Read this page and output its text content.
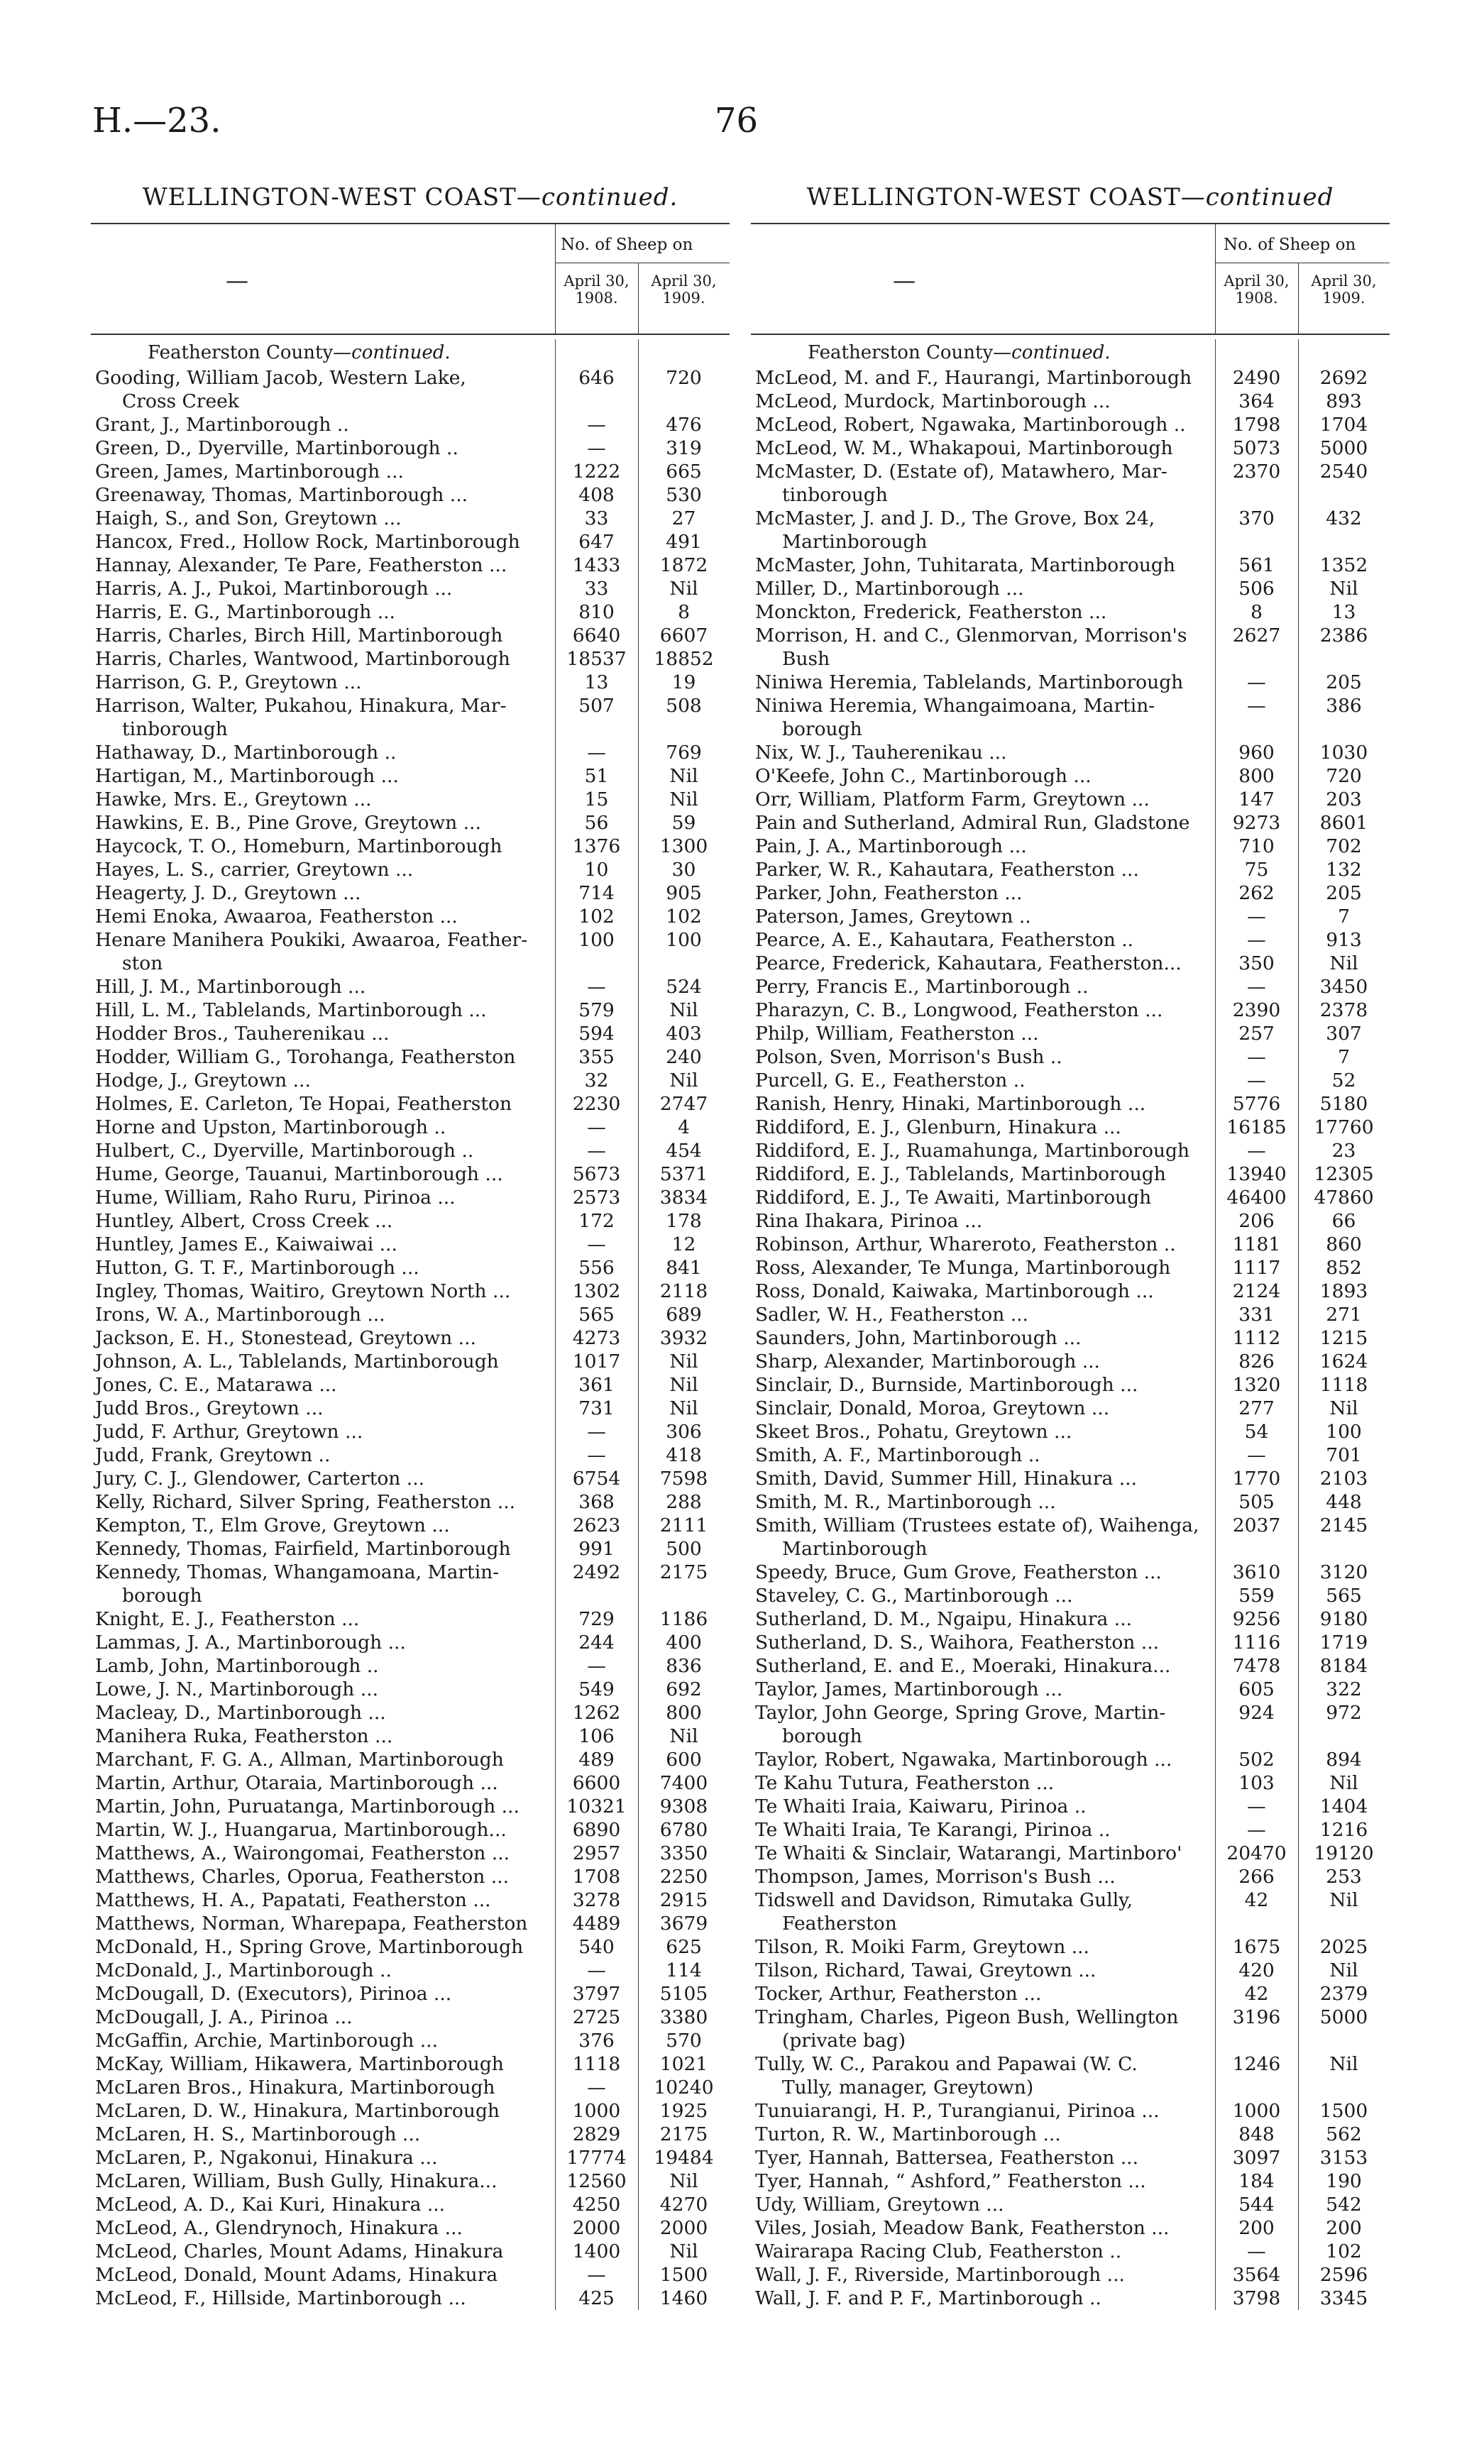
H.—23.	76
WELLINGTON-WEST COAST—continued.
—
No. of Sheep on
April 30,
1908.
April 30,
1909.
Featherston County—continued.
Gooding, William Jacob, Western Lake,
Cross Creek
646	720
Grant, J., Martinborough ..	—	476
Green, D., Dyerville, Martinborough ..	—	319
Green, James, Martinborough ...	1222	665
Greenaway, Thomas, Martinborough ...	408	530
Haigh, S., and Son, Greytown ...	33	27
Hancox, Fred., Hollow Rock, Martinborough	647	491
Hannay, Alexander, Te Pare, Featherston ...	1433	1872
Harris, A. J., Pukoi, Martinborough ...	33	Nil
Harris, E. G., Martinborough ...	810	8
Harris, Charles, Birch Hill, Martinborough	6640	6607
Harris, Charles, Wantwood, Martinborough	18537	18852
Harrison, G. P., Greytown ...	13	19
Harrison, Walter, Pukahou, Hinakura, Mar-
tinborough
507	508
Hathaway, D., Martinborough ..	—	769
Hartigan, M., Martinborough ...	51	Nil
Hawke, Mrs. E., Greytown ...	15	Nil
Hawkins, E. B., Pine Grove, Greytown ...	56	59
Haycock, T. O., Homeburn, Martinborough	1376	1300
Hayes, L. S., carrier, Greytown ...	10	30
Heagerty, J. D., Greytown ...	714	905
Hemi Enoka, Awaaroa, Featherston ...	102	102
Henare Manihera Poukiki, Awaaroa, Feather-
ston
100	100
Hill, J. M., Martinborough ...	—	524
Hill, L. M., Tablelands, Martinborough ...	579	Nil
Hodder Bros., Tauherenikau ...	594	403
Hodder, William G., Torohanga, Featherston	355	240
Hodge, J., Greytown ...	32	Nil
Holmes, E. Carleton, Te Hopai, Featherston	2230	2747
Horne and Upston, Martinborough ..	—	4
Hulbert, C., Dyerville, Martinborough ..	—	454
Hume, George, Tauanui, Martinborough ...	5673	5371
Hume, William, Raho Ruru, Pirinoa ...	2573	3834
Huntley, Albert, Cross Creek ...	172	178
Huntley, James E., Kaiwaiwai ...	—	12
Hutton, G. T. F., Martinborough ...	556	841
Ingley, Thomas, Waitiro, Greytown North ...	1302	2118
Irons, W. A., Martinborough ...	565	689
Jackson, E. H., Stonestead, Greytown ...	4273	3932
Johnson, A. L., Tablelands, Martinborough	1017	Nil
Jones, C. E., Matarawa ...	361	Nil
Judd Bros., Greytown ...	731	Nil
Judd, F. Arthur, Greytown ...	—	306
Judd, Frank, Greytown ..	—	418
Jury, C. J., Glendower, Carterton ...	6754	7598
Kelly, Richard, Silver Spring, Featherston ...	368	288
Kempton, T., Elm Grove, Greytown ...	2623	2111
Kennedy, Thomas, Fairfield, Martinborough	991	500
Kennedy, Thomas, Whangamoana, Martin-
borough
2492	2175
Knight, E. J., Featherston ...	729	1186
Lammas, J. A., Martinborough ...	244	400
Lamb, John, Martinborough ..	—	836
Lowe, J. N., Martinborough ...	549	692
Macleay, D., Martinborough ...	1262	800
Manihera Ruka, Featherston ...	106	Nil
Marchant, F. G. A., Allman, Martinborough	489	600
Martin, Arthur, Otaraia, Martinborough ...	6600	7400
Martin, John, Puruatanga, Martinborough ...	10321	9308
Martin, W. J., Huangarua, Martinborough...	6890	6780
Matthews, A., Wairongomai, Featherston ...	2957	3350
Matthews, Charles, Oporua, Featherston ...	1708	2250
Matthews, H. A., Papatati, Featherston ...	3278	2915
Matthews, Norman, Wharepapa, Featherston	4489	3679
McDonald, H., Spring Grove, Martinborough	540	625
McDonald, J., Martinborough ..	—	114
McDougall, D. (Executors), Pirinoa ...	3797	5105
McDougall, J. A., Pirinoa ...	2725	3380
McGaffin, Archie, Martinborough ...	376	570
McKay, William, Hikawera, Martinborough	1118	1021
McLaren Bros., Hinakura, Martinborough	—	10240
McLaren, D. W., Hinakura, Martinborough	1000	1925
McLaren, H. S., Martinborough ...	2829	2175
McLaren, P., Ngakonui, Hinakura ...	17774	19484
McLaren, William, Bush Gully, Hinakura...	12560	Nil
McLeod, A. D., Kai Kuri, Hinakura ...	4250	4270
McLeod, A., Glendrynoch, Hinakura ...	2000	2000
McLeod, Charles, Mount Adams, Hinakura	1400	Nil
McLeod, Donald, Mount Adams, Hinakura	—	1500
McLeod, F., Hillside, Martinborough ...	425	1460
WELLINGTON-WEST COAST—continued
—
No. of Sheep on
April 30,
1908.
April 30,
1909.
Featherston County—continued.
McLeod, M. and F., Haurangi, Martinborough	2490	2692
McLeod, Murdock, Martinborough ...	364	893
McLeod, Robert, Ngawaka, Martinborough ..	1798	1704
McLeod, W. M., Whakapoui, Martinborough	5073	5000
McMaster, D. (Estate of), Matawhero, Mar-
tinborough
2370	2540
McMaster, J. and J. D., The Grove, Box 24,
Martinborough
370	432
McMaster, John, Tuhitarata, Martinborough	561	1352
Miller, D., Martinborough ...	506	Nil
Monckton, Frederick, Featherston ...	8	13
Morrison, H. and C., Glenmorvan, Morrison's
Bush
2627	2386
Niniwa Heremia, Tablelands, Martinborough	—	205
Niniwa Heremia, Whangaimoana, Martin-
borough
—	386
Nix, W. J., Tauherenikau ...	960	1030
O'Keefe, John C., Martinborough ...	800	720
Orr, William, Platform Farm, Greytown ...	147	203
Pain and Sutherland, Admiral Run, Gladstone	9273	8601
Pain, J. A., Martinborough ...	710	702
Parker, W. R., Kahautara, Featherston ...	75	132
Parker, John, Featherston ...	262	205
Paterson, James, Greytown ..	—	7
Pearce, A. E., Kahautara, Featherston ..	—	913
Pearce, Frederick, Kahautara, Featherston...	350	Nil
Perry, Francis E., Martinborough ..	—	3450
Pharazyn, C. B., Longwood, Featherston ...	2390	2378
Philp, William, Featherston ...	257	307
Polson, Sven, Morrison's Bush ..	—	7
Purcell, G. E., Featherston ..	—	52
Ranish, Henry, Hinaki, Martinborough ...	5776	5180
Riddiford, E. J., Glenburn, Hinakura ...	16185	17760
Riddiford, E. J., Ruamahunga, Martinborough	—	23
Riddiford, E. J., Tablelands, Martinborough	13940	12305
Riddiford, E. J., Te Awaiti, Martinborough	46400	47860
Rina Ihakara, Pirinoa ...	206	66
Robinson, Arthur, Whareroto, Featherston ..	1181	860
Ross, Alexander, Te Munga, Martinborough	1117	852
Ross, Donald, Kaiwaka, Martinborough ...	2124	1893
Sadler, W. H., Featherston ...	331	271
Saunders, John, Martinborough ...	1112	1215
Sharp, Alexander, Martinborough ...	826	1624
Sinclair, D., Burnside, Martinborough ...	1320	1118
Sinclair, Donald, Moroa, Greytown ...	277	Nil
Skeet Bros., Pohatu, Greytown ...	54	100
Smith, A. F., Martinborough ..	—	701
Smith, David, Summer Hill, Hinakura ...	1770	2103
Smith, M. R., Martinborough ...	505	448
Smith, William (Trustees estate of), Waihenga,
Martinborough
2037	2145
Speedy, Bruce, Gum Grove, Featherston ...	3610	3120
Staveley, C. G., Martinborough ...	559	565
Sutherland, D. M., Ngaipu, Hinakura ...	9256	9180
Sutherland, D. S., Waihora, Featherston ...	1116	1719
Sutherland, E. and E., Moeraki, Hinakura...	7478	8184
Taylor, James, Martinborough ...	605	322
Taylor, John George, Spring Grove, Martin-
borough
924	972
Taylor, Robert, Ngawaka, Martinborough ...	502	894
Te Kahu Tutura, Featherston ...	103	Nil
Te Whaiti Iraia, Kaiwaru, Pirinoa ..	—	1404
Te Whaiti Iraia, Te Karangi, Pirinoa ..	—	1216
Te Whaiti & Sinclair, Watarangi, Martinboro'	20470	19120
Thompson, James, Morrison's Bush ...	266	253
Tidswell and Davidson, Rimutaka Gully,
Featherston
42	Nil
Tilson, R. Moiki Farm, Greytown ...	1675	2025
Tilson, Richard, Tawai, Greytown ...	420	Nil
Tocker, Arthur, Featherston ...	42	2379
Tringham, Charles, Pigeon Bush, Wellington
(private bag)
3196	5000
Tully, W. C., Parakou and Papawai (W. C.
Tully, manager, Greytown)
1246	Nil
Tunuiarangi, H. P., Turangianui, Pirinoa ...	1000	1500
Turton, R. W., Martinborough ...	848	562
Tyer, Hannah, Battersea, Featherston ...	3097	3153
Tyer, Hannah, “ Ashford,” Featherston ...	184	190
Udy, William, Greytown ...	544	542
Viles, Josiah, Meadow Bank, Featherston ...	200	200
Wairarapa Racing Club, Featherston ..	—	102
Wall, J. F., Riverside, Martinborough ...	3564	2596
Wall, J. F. and P. F., Martinborough ..	3798	3345
